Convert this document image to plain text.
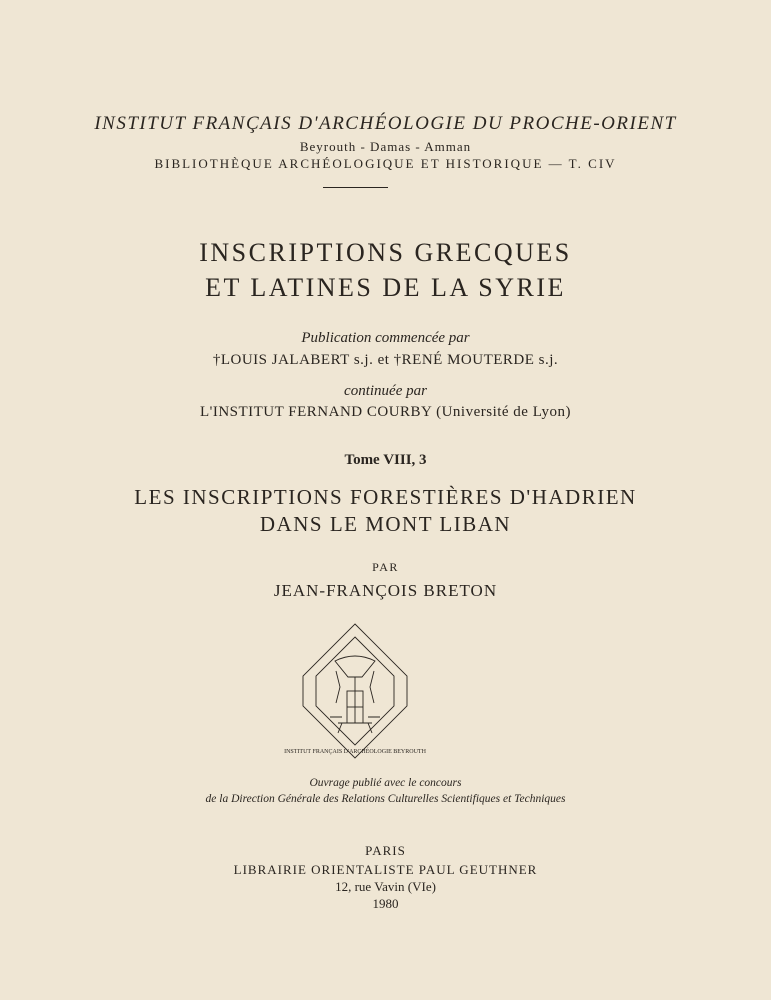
INSTITUT FRANÇAIS D'ARCHÉOLOGIE DU PROCHE-ORIENT
Beyrouth - Damas - Amman
BIBLIOTHÈQUE ARCHÉOLOGIQUE ET HISTORIQUE — T. CIV
INSCRIPTIONS GRECQUES
ET LATINES DE LA SYRIE
Publication commencée par
†LOUIS JALABERT s.j. et †RENÉ MOUTERDE s.j.
continuée par
L'INSTITUT FERNAND COURBY (Université de Lyon)
Tome VIII, 3
LES INSCRIPTIONS FORESTIÈRES D'HADRIEN
DANS LE MONT LIBAN
PAR
JEAN-FRANÇOIS BRETON
INSTITUT FRANÇAIS D'ARCHÉOLOGIE BEYROUTH
Ouvrage publié avec le concours
de la Direction Générale des Relations Culturelles Scientifiques et Techniques
PARIS
LIBRAIRIE ORIENTALISTE PAUL GEUTHNER
12, rue Vavin (VIe)
1980
